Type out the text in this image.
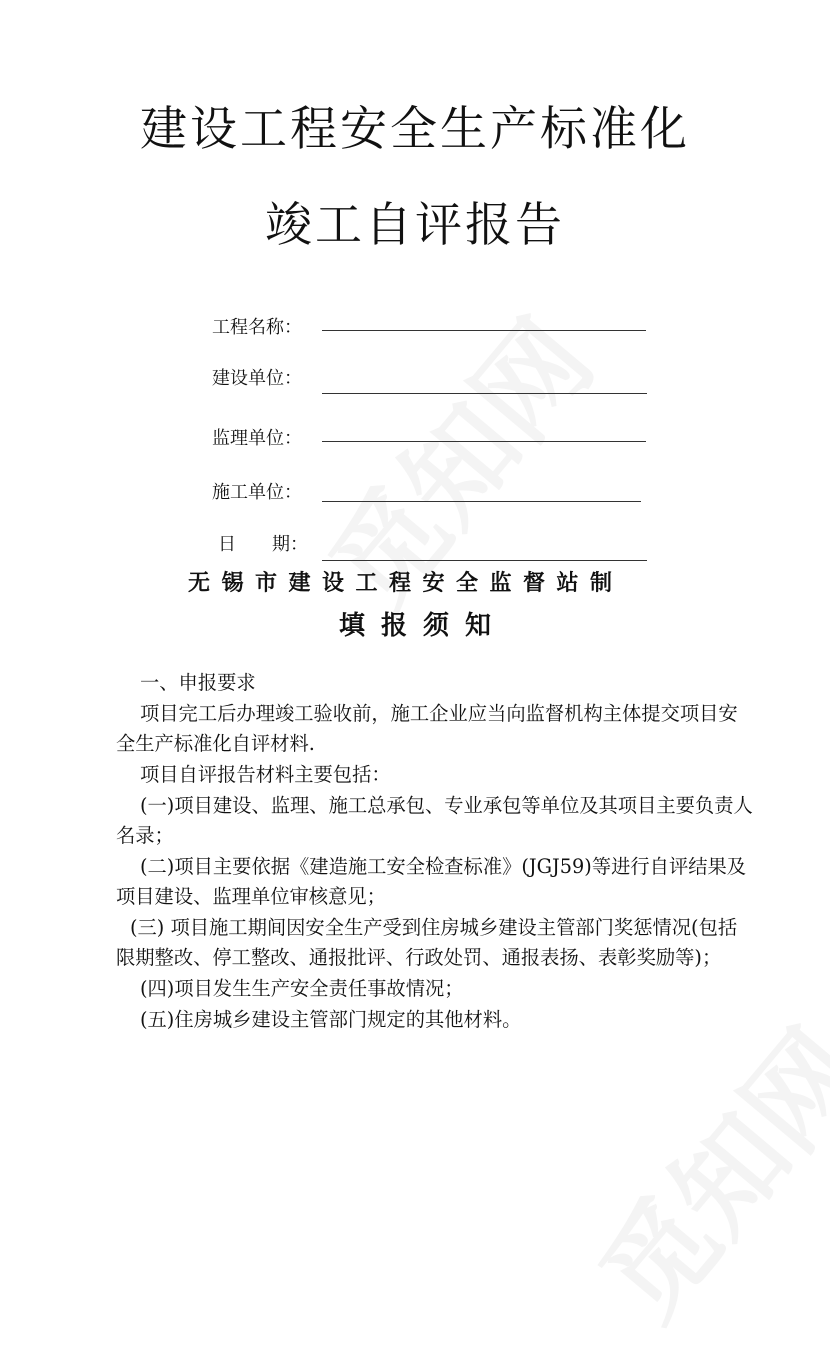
建设工程安全生产标准化
竣工自评报告
工程名称：
建设单位：
监理单位：
施工单位：
日　　期：
无锡市建设工程安全监督站制
填报须知

一、申报要求

项目完工后办理竣工验收前，施工企业应当向监督机构主体提交项目安全生产标准化自评材料.

项目自评报告材料主要包括：

(一)项目建设、监理、施工总承包、专业承包等单位及其项目主要负责人名录；

(二)项目主要依据《建造施工安全检查标准》(JGJ59)等进行自评结果及项目建设、监理单位审核意见；

(三) 项目施工期间因安全生产受到住房城乡建设主管部门奖惩情况(包括限期整改、停工整改、通报批评、行政处罚、通报表扬、表彰奖励等)；

(四)项目发生生产安全责任事故情况；

(五)住房城乡建设主管部门规定的其他材料。
